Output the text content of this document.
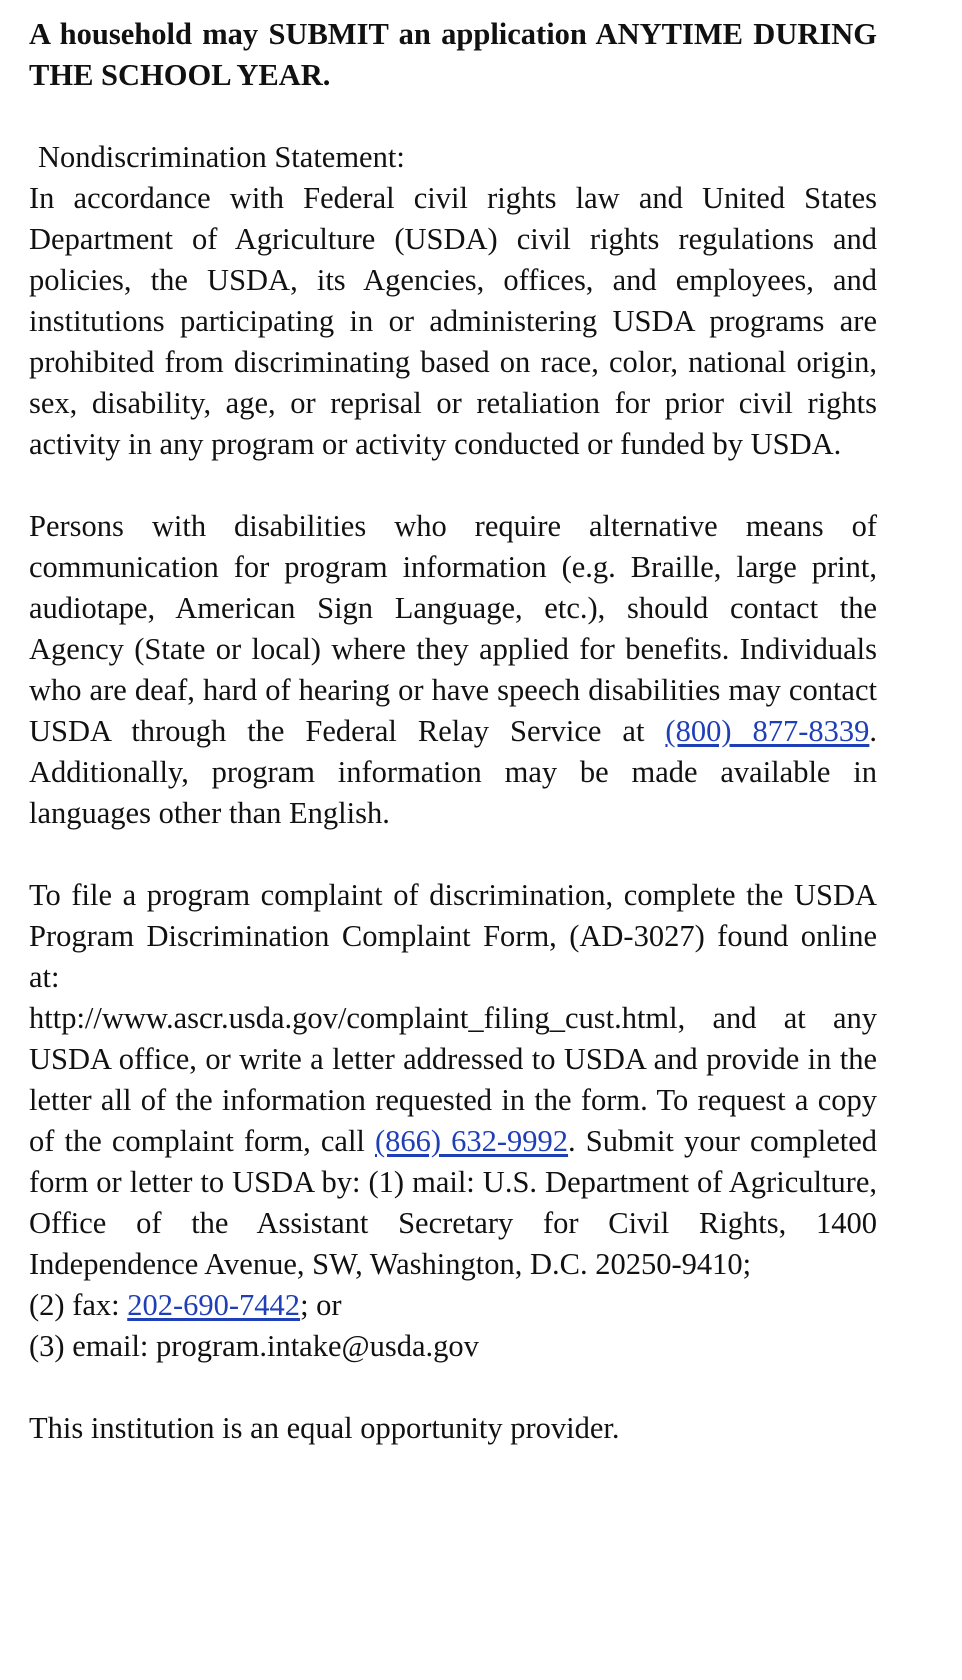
A household may SUBMIT an application ANYTIME DURING THE SCHOOL YEAR.

Nondiscrimination Statement:

In accordance with Federal civil rights law and United States Department of Agriculture (USDA) civil rights regulations and policies, the USDA, its Agencies, offices, and employees, and institutions participating in or administering USDA programs are prohibited from discriminating based on race, color, national origin, sex, disability, age, or reprisal or retaliation for prior civil rights activity in any program or activity conducted or funded by USDA.

Persons with disabilities who require alternative means of communication for program information (e.g. Braille, large print, audiotape, American Sign Language, etc.), should contact the Agency (State or local) where they applied for benefits. Individuals who are deaf, hard of hearing or have speech disabilities may contact USDA through the Federal Relay Service at (800) 877-8339. Additionally, program information may be made available in languages other than English.

To file a program complaint of discrimination, complete the USDA Program Discrimination Complaint Form, (AD-3027) found online at:

http://www.ascr.usda.gov/complaint_filing_cust.html, and at any USDA office, or write a letter addressed to USDA and provide in the letter all of the information requested in the form. To request a copy of the complaint form, call (866) 632-9992. Submit your completed form or letter to USDA by: (1) mail: U.S. Department of Agriculture, Office of the Assistant Secretary for Civil Rights, 1400 Independence Avenue, SW, Washington, D.C. 20250-9410;

(2) fax: 202-690-7442; or

(3) email: program.intake@usda.gov

This institution is an equal opportunity provider.
